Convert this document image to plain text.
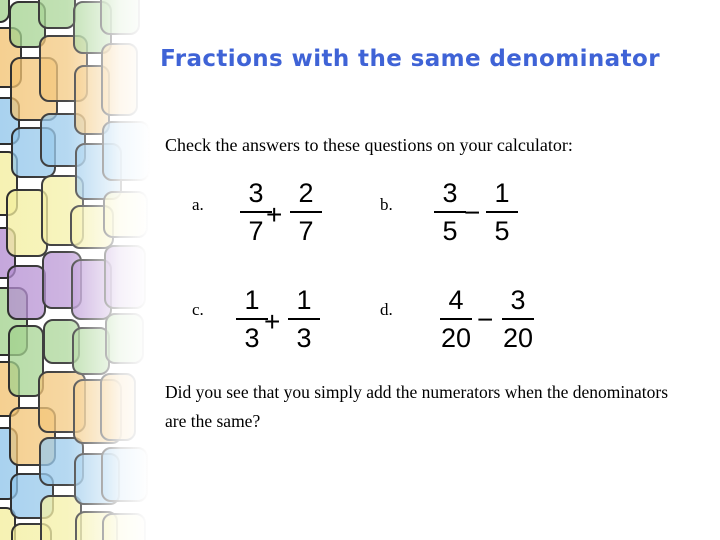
Fractions with the same denominator
Check the answers to these questions on your calculator:
a.	3
7
+
2
7
b.	3
5
−
1
5
c.	1
3
+
1
3
d.	4
20
−
3
20
Did you see that you simply add the numerators when the denominators are the same?
